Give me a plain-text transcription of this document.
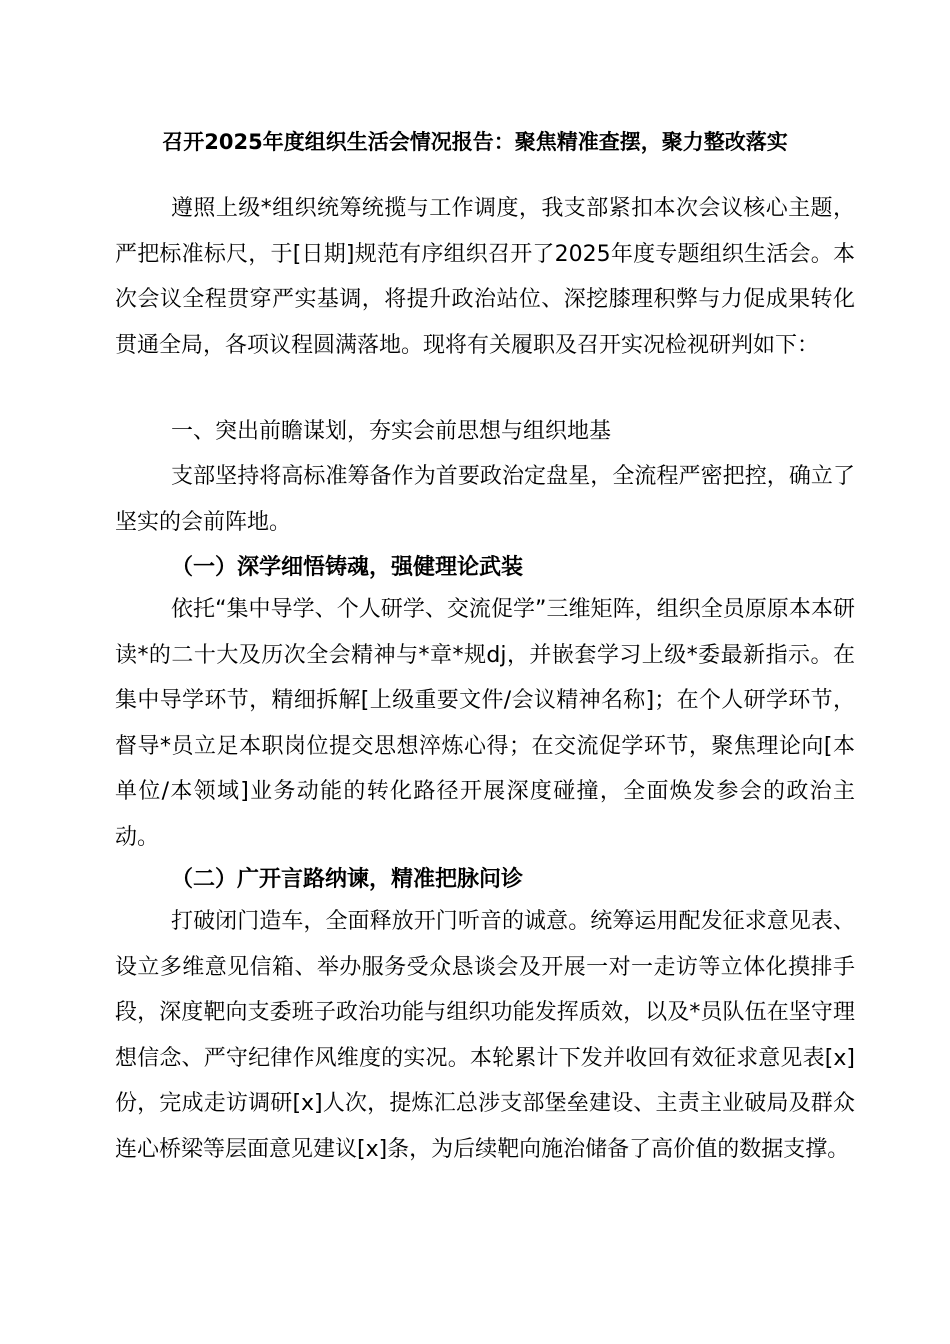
召开2025年度组织生活会情况报告：聚焦精准查摆，聚力整改落实
遵照上级*组织统筹统揽与工作调度，我支部紧扣本次会议核心主题，严把标准标尺，于[日期]规范有序组织召开了2025年度专题组织生活会。本次会议全程贯穿严实基调，将提升政治站位、深挖膝理积弊与力促成果转化贯通全局，各项议程圆满落地。现将有关履职及召开实况检视研判如下：
一、突出前瞻谋划，夯实会前思想与组织地基
支部坚持将高标准筹备作为首要政治定盘星，全流程严密把控，确立了坚实的会前阵地。
（一）深学细悟铸魂，强健理论武装
依托“集中导学、个人研学、交流促学”三维矩阵，组织全员原原本本研读*的二十大及历次全会精神与*章*规dj，并嵌套学习上级*委最新指示。在集中导学环节，精细拆解[上级重要文件/会议精神名称]；在个人研学环节，督导*员立足本职岗位提交思想淬炼心得；在交流促学环节，聚焦理论向[本单位/本领域]业务动能的转化路径开展深度碰撞，全面焕发参会的政治主动。
（二）广开言路纳谏，精准把脉问诊
打破闭门造车，全面释放开门听音的诚意。统筹运用配发征求意见表、设立多维意见信箱、举办服务受众恳谈会及开展一对一走访等立体化摸排手段，深度靶向支委班子政治功能与组织功能发挥质效，以及*员队伍在坚守理想信念、严守纪律作风维度的实况。本轮累计下发并收回有效征求意见表[x]份，完成走访调研[x]人次，提炼汇总涉支部堡垒建设、主责主业破局及群众连心桥梁等层面意见建议[x]条，为后续靶向施治储备了高价值的数据支撑。
